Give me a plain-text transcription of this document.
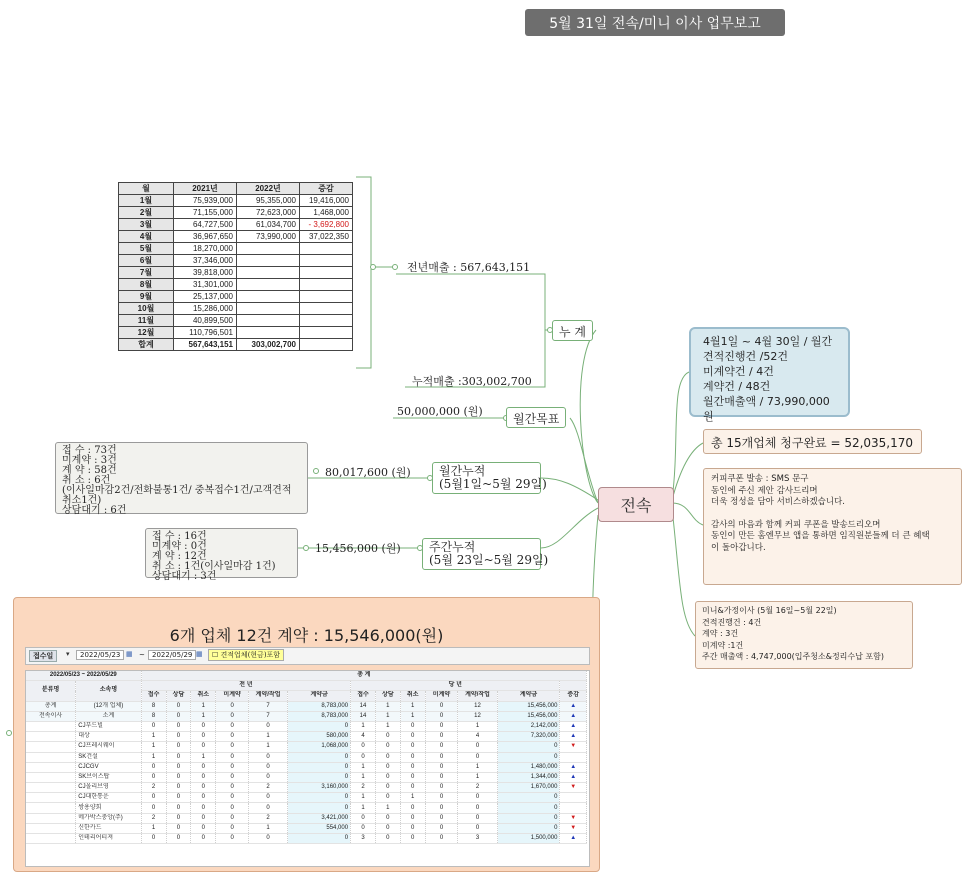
5월 31일 전속/미니 이사 업무보고
월	2021년	2022년	증감
1월	75,939,000	95,355,000	19,416,000
2월	71,155,000	72,623,000	1,468,000
3월	64,727,500	61,034,700	- 3,692,800
4월	36,967,650	73,990,000	37,022,350
5월	18,270,000		
6월	37,346,000		
7월	39,818,000		
8월	31,301,000		
9월	25,137,000		
10월	15,286,000		
11월	40,899,500		
12월	110,796,501		
합계	567,643,151	303,002,700	
전년매출 : 567,643,151
누 계
누적매출 :303,002,700
50,000,000 (원)
월간목표
접 수 : 73건
미계약 : 3건
계 약 : 58건
취 소 : 6건
(이사일마감2건/전화불통1건/ 중복접수1건/고객견적
취소1건)
상담대기 : 6건
80,017,600 (원) 월간누적
(5월1일~5월 29일)
접 수 : 16건
미계약 : 0건
계 약 : 12건
취 소 : 1건(이사일마감 1건)
상담대기 : 3건
15,456,000 (원) 주간누적
(5월 23일~5월 29일)
전속
4월1일 ~ 4월 30일 / 월간
견적진행건 /52건
미계약건 / 4건
계약건 / 48건
월간매출액 / 73,990,000원
총 15개업체 청구완료 = 52,035,170
커피쿠폰 발송 : SMS 문구
동인에 주신 제안 감사드리며
더욱 정성을 담아 서비스하겠습니다.
감사의 마음과 함께 커피 쿠폰을 발송드리오며
동인이 만든 홈엔무브 앱을 통하면 임직원분들께 더 큰 혜택
이 돌아갑니다.
미니&가정이사 (5월 16일~5월 22일)
견적진행건 : 4건
계약 : 3건
미계약 :1건
주간 매출액 : 4,747,000(입주청소&정리수납 포함)
6개 업체 12건 계약 : 15,546,000(원)
접수일	▾	2022/05/23 ▦ ~	2022/05/29 ▦	☐ 견적업체(현금)포함
2022/05/23 ~ 2022/05/29		총 계												
분류명	소속명	전 년						당 년						
		접수	상담	취소	미계약	계약/작업	계약금	접수	상담	취소	미계약	계약/작업	계약금	증감
총계	(12개 업체)	8	0	1	0	7	8,783,000	14	1	1	0	12	15,456,000	▲
전속이사	소계	8	0	1	0	7	8,783,000	14	1	1	0	12	15,456,000	▲
	CJ푸드빌	0	0	0	0	0	0	1	1	0	0	1	2,142,000	▲
	대상	1	0	0	0	1	580,000	4	0	0	0	4	7,320,000	▲
	CJ프레시웨이	1	0	0	0	1	1,068,000	0	0	0	0	0	0	▼
	SK건설	1	0	1	0	0	0	0	0	0	0	0	0	
	CJCGV	0	0	0	0	0	0	1	0	0	0	1	1,480,000	▲
	SK브이스탑	0	0	0	0	0	0	1	0	0	0	1	1,344,000	▲
	CJ올리브영	2	0	0	0	2	3,160,000	2	0	0	0	2	1,670,000	▼
	CJ대한통운	0	0	0	0	0	0	1	0	1	0	0	0	
	쌍용양회	0	0	0	0	0	0	1	1	0	0	0	0	
	메가박스중앙(주)	2	0	0	0	2	3,421,000	0	0	0	0	0	0	▼
	신한카드	1	0	0	0	1	554,000	0	0	0	0	0	0	▼
	인테리어티져	0	0	0	0	0	0	3	0	0	0	3	1,500,000	▲
